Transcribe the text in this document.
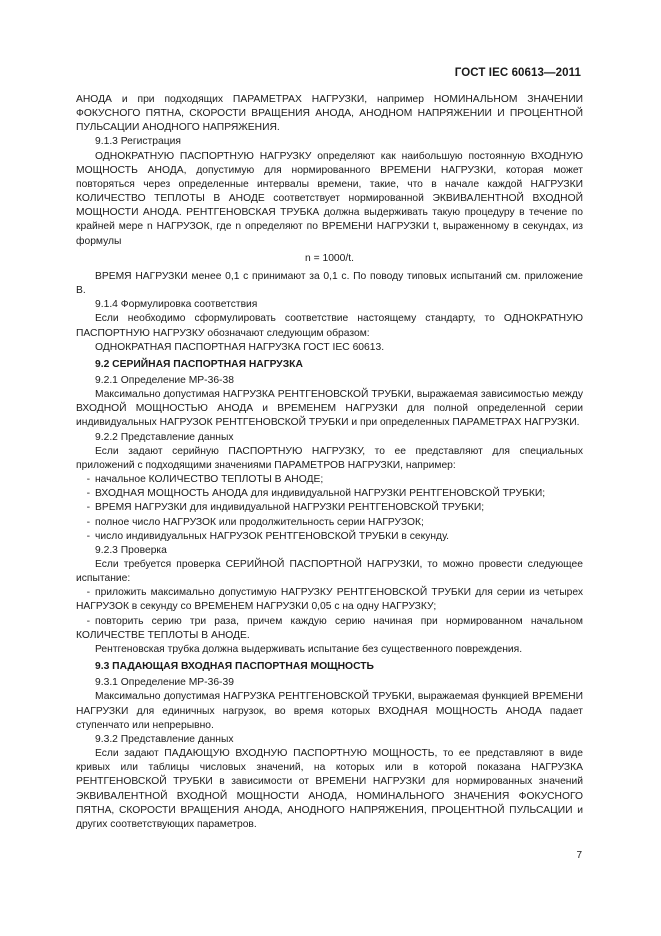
ГОСТ IEC 60613—2011

АНОДА и при подходящих ПАРАМЕТРАХ НАГРУЗКИ, например НОМИНАЛЬНОМ ЗНАЧЕНИИ ФОКУСНОГО ПЯТНА, СКОРОСТИ ВРАЩЕНИЯ АНОДА, АНОДНОМ НАПРЯЖЕНИИ И ПРОЦЕНТНОЙ ПУЛЬСАЦИИ АНОДНОГО НАПРЯЖЕНИЯ.

9.1.3 Регистрация

ОДНОКРАТНУЮ ПАСПОРТНУЮ НАГРУЗКУ определяют как наибольшую постоянную ВХОДНУЮ МОЩНОСТЬ АНОДА, допустимую для нормированного ВРЕМЕНИ НАГРУЗКИ, которая может повторяться через определенные интервалы времени, такие, что в начале каждой НАГРУЗКИ КОЛИЧЕСТВО ТЕПЛОТЫ В АНОДЕ соответствует нормированной ЭКВИВАЛЕНТНОЙ ВХОДНОЙ МОЩНОСТИ АНОДА. РЕНТГЕНОВСКАЯ ТРУБКА должна выдерживать такую процедуру в течение по крайней мере n НАГРУЗОК, где n определяют по ВРЕМЕНИ НАГРУЗКИ t, выраженному в секундах, из формулы

n = 1000/t.

ВРЕМЯ НАГРУЗКИ менее 0,1 с принимают за 0,1 с. По поводу типовых испытаний см. приложение В.

9.1.4 Формулировка соответствия

Если необходимо сформулировать соответствие настоящему стандарту, то ОДНОКРАТНУЮ ПАСПОРТНУЮ НАГРУЗКУ обозначают следующим образом:

ОДНОКРАТНАЯ ПАСПОРТНАЯ НАГРУЗКА ГОСТ IEC 60613.

9.2 СЕРИЙНАЯ ПАСПОРТНАЯ НАГРУЗКА

9.2.1 Определение МР-36-38

Максимально допустимая НАГРУЗКА РЕНТГЕНОВСКОЙ ТРУБКИ, выражаемая зависимостью между ВХОДНОЙ МОЩНОСТЬЮ АНОДА и ВРЕМЕНЕМ НАГРУЗКИ для полной определенной серии индивидуальных НАГРУЗОК РЕНТГЕНОВСКОЙ ТРУБКИ и при определенных ПАРАМЕТРАХ НАГРУЗКИ.

9.2.2 Представление данных

Если задают серийную ПАСПОРТНУЮ НАГРУЗКУ, то ее представляют для специальных приложений с подходящими значениями ПАРАМЕТРОВ НАГРУЗКИ, например:

- начальное КОЛИЧЕСТВО ТЕПЛОТЫ В АНОДЕ;

- ВХОДНАЯ МОЩНОСТЬ АНОДА для индивидуальной НАГРУЗКИ РЕНТГЕНОВСКОЙ ТРУБКИ;

- ВРЕМЯ НАГРУЗКИ для индивидуальной НАГРУЗКИ РЕНТГЕНОВСКОЙ ТРУБКИ;

- полное число НАГРУЗОК или продолжительность серии НАГРУЗОК;

- число индивидуальных НАГРУЗОК РЕНТГЕНОВСКОЙ ТРУБКИ в секунду.

9.2.3 Проверка

Если требуется проверка СЕРИЙНОЙ ПАСПОРТНОЙ НАГРУЗКИ, то можно провести следующее испытание:

- приложить максимально допустимую НАГРУЗКУ РЕНТГЕНОВСКОЙ ТРУБКИ для серии из четырех НАГРУЗОК в секунду со ВРЕМЕНЕМ НАГРУЗКИ 0,05 с на одну НАГРУЗКУ;

- повторить серию три раза, причем каждую серию начиная при нормированном начальном КОЛИЧЕСТВЕ ТЕПЛОТЫ В АНОДЕ.

Рентгеновская трубка должна выдерживать испытание без существенного повреждения.

9.3 ПАДАЮЩАЯ ВХОДНАЯ ПАСПОРТНАЯ МОЩНОСТЬ

9.3.1 Определение МР-36-39

Максимально допустимая НАГРУЗКА РЕНТГЕНОВСКОЙ ТРУБКИ, выражаемая функцией ВРЕМЕНИ НАГРУЗКИ для единичных нагрузок, во время которых ВХОДНАЯ МОЩНОСТЬ АНОДА падает ступенчато или непрерывно.

9.3.2 Представление данных

Если задают ПАДАЮЩУЮ ВХОДНУЮ ПАСПОРТНУЮ МОЩНОСТЬ, то ее представляют в виде кривых или таблицы числовых значений, на которых или в которой показана НАГРУЗКА РЕНТГЕНОВСКОЙ ТРУБКИ в зависимости от ВРЕМЕНИ НАГРУЗКИ для нормированных значений ЭКВИВАЛЕНТНОЙ ВХОДНОЙ МОЩНОСТИ АНОДА, НОМИНАЛЬНОГО ЗНАЧЕНИЯ ФОКУСНОГО ПЯТНА, СКОРОСТИ ВРАЩЕНИЯ АНОДА, АНОДНОГО НАПРЯЖЕНИЯ, ПРОЦЕНТНОЙ ПУЛЬСАЦИИ и других соответствующих параметров.

7
